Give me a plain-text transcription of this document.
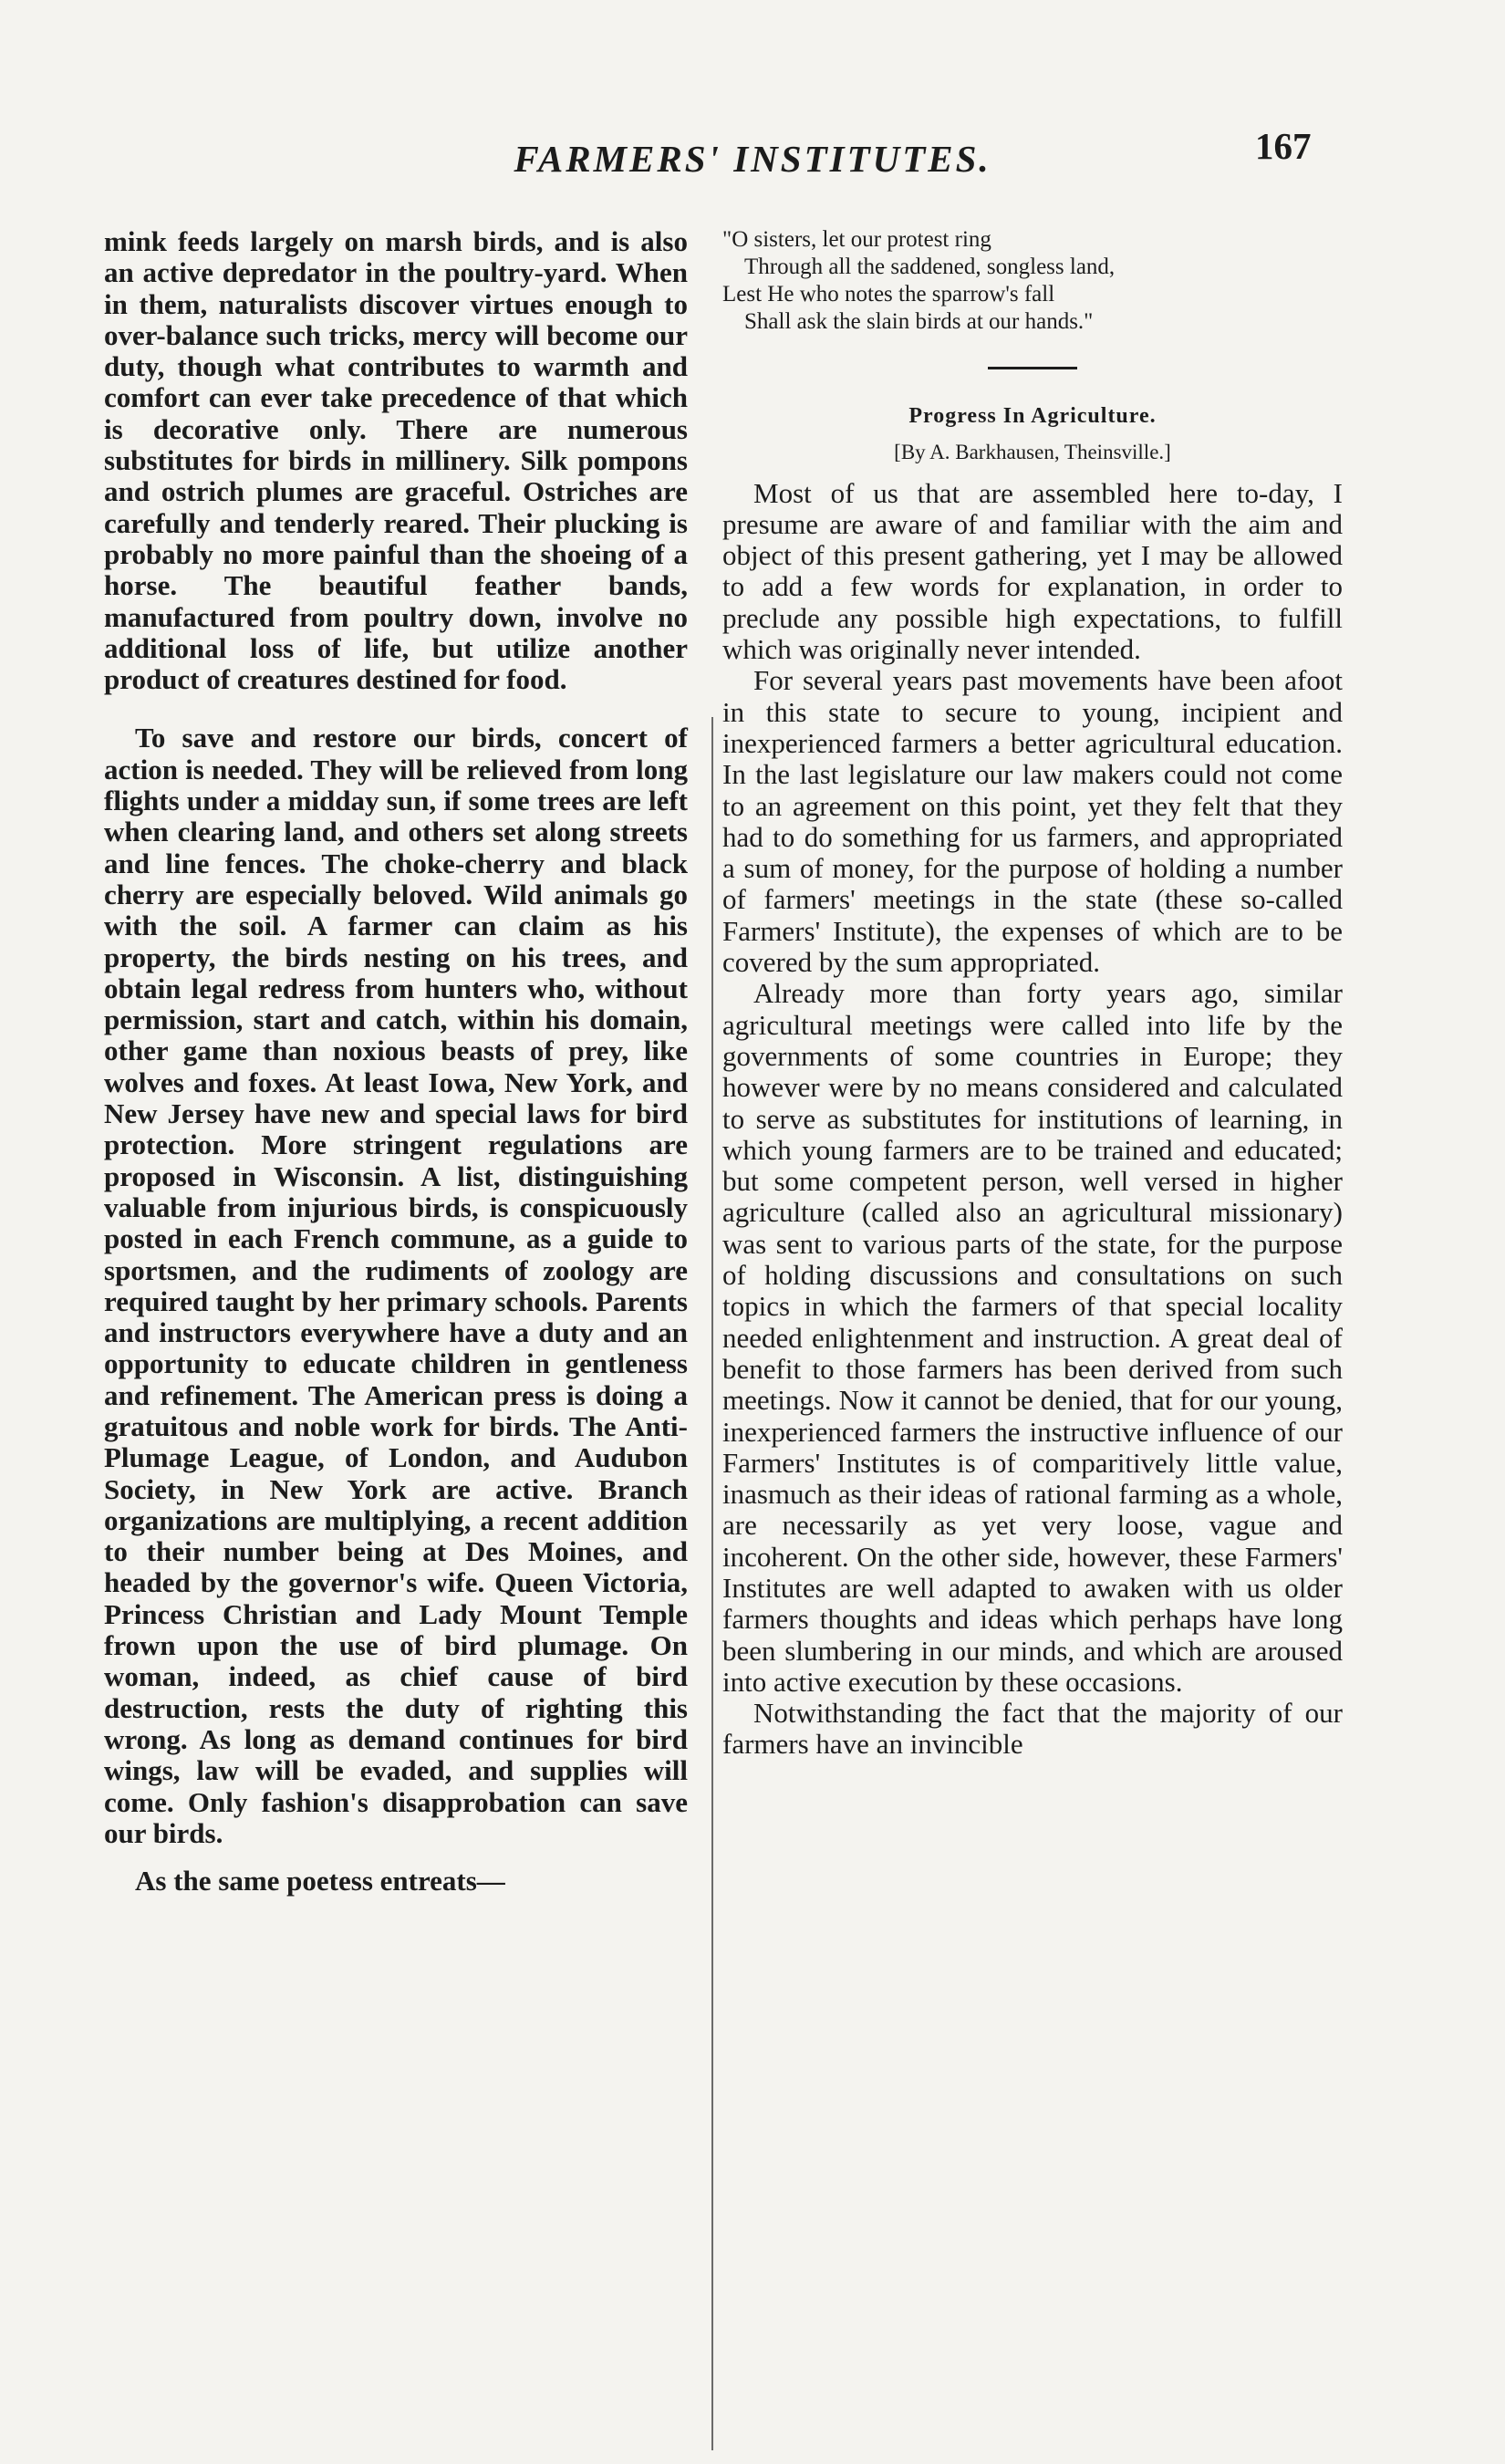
FARMERS' INSTITUTES.	167

mink feeds largely on marsh birds, and is also an active depredator in the poultry-yard. When in them, naturalists discover virtues enough to over-balance such tricks, mercy will become our duty, though what contributes to warmth and comfort can ever take precedence of that which is decorative only. There are numerous substitutes for birds in millinery. Silk pompons and ostrich plumes are graceful. Ostriches are carefully and tenderly reared. Their plucking is probably no more painful than the shoeing of a horse. The beautiful feather bands, manufactured from poultry down, involve no additional loss of life, but utilize another product of creatures destined for food.

To save and restore our birds, concert of action is needed. They will be relieved from long flights under a midday sun, if some trees are left when clearing land, and others set along streets and line fences. The choke-cherry and black cherry are especially beloved. Wild animals go with the soil. A farmer can claim as his property, the birds nesting on his trees, and obtain legal redress from hunters who, without permission, start and catch, within his domain, other game than noxious beasts of prey, like wolves and foxes. At least Iowa, New York, and New Jersey have new and special laws for bird protection. More stringent regulations are proposed in Wisconsin. A list, distinguishing valuable from injurious birds, is conspicuously posted in each French commune, as a guide to sportsmen, and the rudiments of zoology are required taught by her primary schools. Parents and instructors everywhere have a duty and an opportunity to educate children in gentleness and refinement. The American press is doing a gratuitous and noble work for birds. The Anti-Plumage League, of London, and Audubon Society, in New York are active. Branch organizations are multiplying, a recent addition to their number being at Des Moines, and headed by the governor's wife. Queen Victoria, Princess Christian and Lady Mount Temple frown upon the use of bird plumage. On woman, indeed, as chief cause of bird destruction, rests the duty of righting this wrong. As long as demand continues for bird wings, law will be evaded, and supplies will come. Only fashion's disapprobation can save our birds.

As the same poetess entreats—

"O sisters, let our protest ring
Through all the saddened, songless land,
Lest He who notes the sparrow's fall
Shall ask the slain birds at our hands."
Progress In Agriculture.
[By A. Barkhausen, Theinsville.]

Most of us that are assembled here to-day, I presume are aware of and familiar with the aim and object of this present gathering, yet I may be allowed to add a few words for explanation, in order to preclude any possible high expectations, to fulfill which was originally never intended.

For several years past movements have been afoot in this state to secure to young, incipient and inexperienced farmers a better agricultural education. In the last legislature our law makers could not come to an agreement on this point, yet they felt that they had to do something for us farmers, and appropriated a sum of money, for the purpose of holding a number of farmers' meetings in the state (these so-called Farmers' Institute), the expenses of which are to be covered by the sum appropriated.

Already more than forty years ago, similar agricultural meetings were called into life by the governments of some countries in Europe; they however were by no means considered and calculated to serve as substitutes for institutions of learning, in which young farmers are to be trained and educated; but some competent person, well versed in higher agriculture (called also an agricultural missionary) was sent to various parts of the state, for the purpose of holding discussions and consultations on such topics in which the farmers of that special locality needed enlightenment and instruction. A great deal of benefit to those farmers has been derived from such meetings. Now it cannot be denied, that for our young, inexperienced farmers the instructive influence of our Farmers' Institutes is of comparitively little value, inasmuch as their ideas of rational farming as a whole, are necessarily as yet very loose, vague and incoherent. On the other side, however, these Farmers' Institutes are well adapted to awaken with us older farmers thoughts and ideas which perhaps have long been slumbering in our minds, and which are aroused into active execution by these occasions.

Notwithstanding the fact that the majority of our farmers have an invincible
